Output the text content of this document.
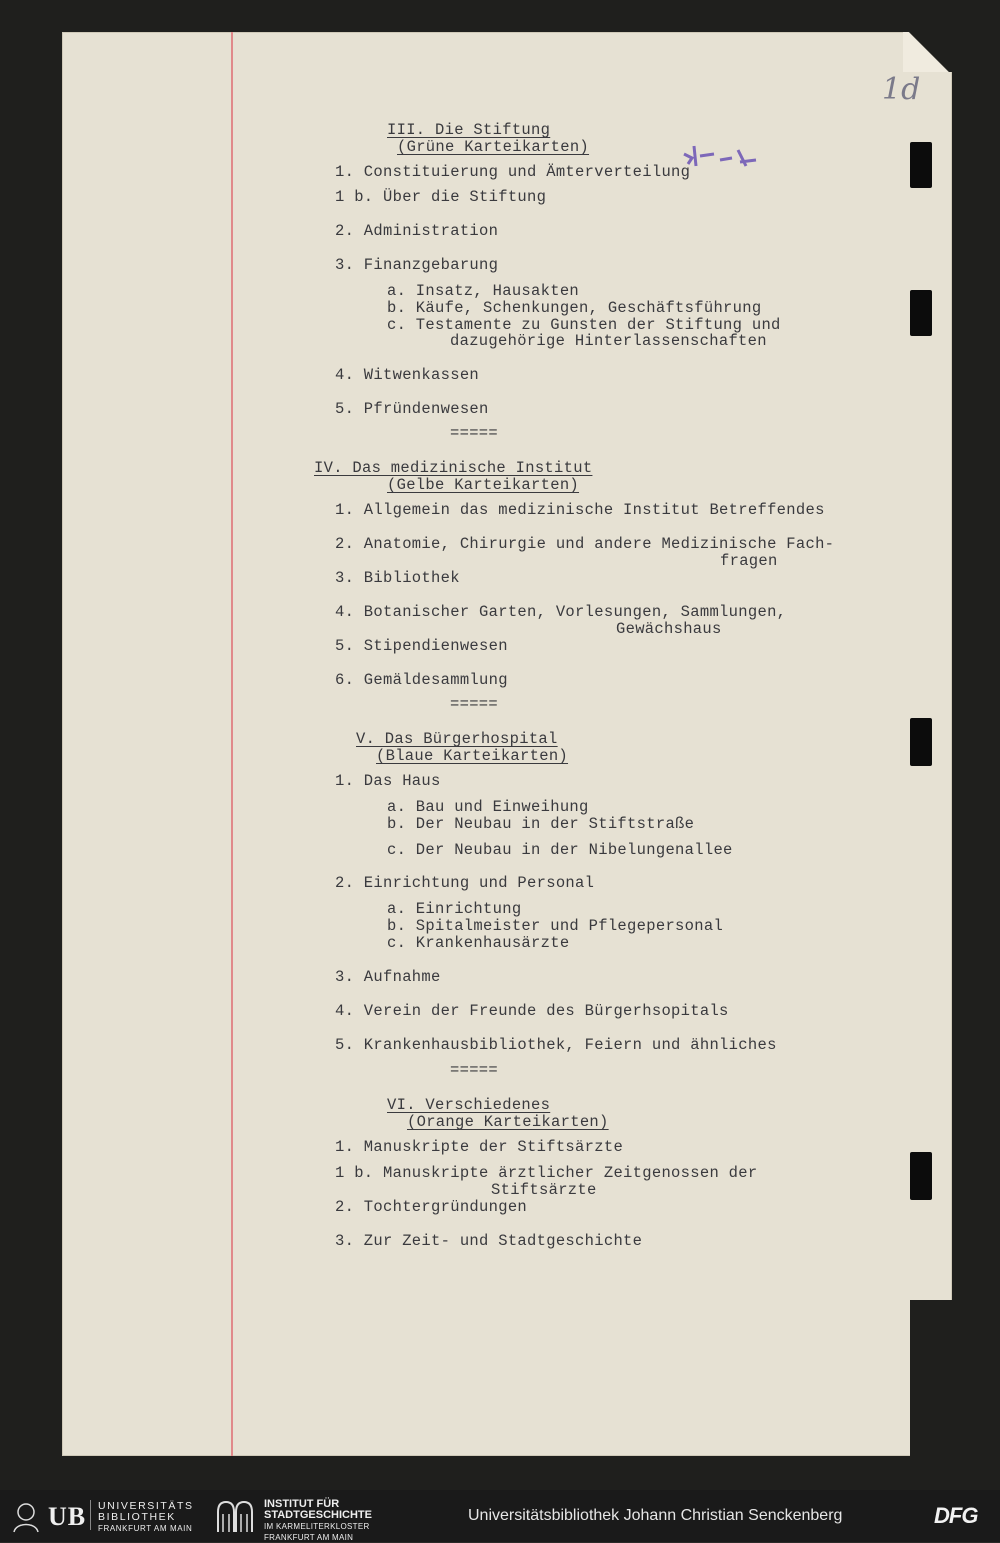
1d
III. Die Stiftung
(Grüne Karteikarten)
1. Constituierung und Ämterverteilung
1 b. Über die Stiftung
2. Administration
3. Finanzgebarung
a. Insatz, Hausakten
b. Käufe, Schenkungen, Geschäftsführung
c. Testamente zu Gunsten der Stiftung und
dazugehörige Hinterlassenschaften
4. Witwenkassen
5. Pfründenwesen
=====
IV. Das medizinische Institut
(Gelbe Karteikarten)
1. Allgemein das medizinische Institut Betreffendes
2. Anatomie, Chirurgie und andere Medizinische Fach-
fragen
3. Bibliothek
4. Botanischer Garten, Vorlesungen, Sammlungen,
Gewächshaus
5. Stipendienwesen
6. Gemäldesammlung
=====
V. Das Bürgerhospital
(Blaue Karteikarten)
1. Das Haus
a. Bau und Einweihung
b. Der Neubau in der Stiftstraße
c. Der Neubau in der Nibelungenallee
2. Einrichtung und Personal
a. Einrichtung
b. Spitalmeister und Pflegepersonal
c. Krankenhausärzte
3. Aufnahme
4. Verein der Freunde des Bürgerhsopitals
5. Krankenhausbibliothek, Feiern und ähnliches
=====
VI. Verschiedenes
(Orange Karteikarten)
1. Manuskripte der Stiftsärzte
1 b. Manuskripte ärztlicher Zeitgenossen der
Stiftsärzte
2. Tochtergründungen
3. Zur Zeit- und Stadtgeschichte
UB UNIVERSITÄTS
BIBLIOTHEK
FRANKFURT AM MAIN
INSTITUT FÜR
STADTGESCHICHTE
IM KARMELITERKLOSTER
FRANKFURT AM MAIN
Universitätsbibliothek Johann Christian Senckenberg	DFG
